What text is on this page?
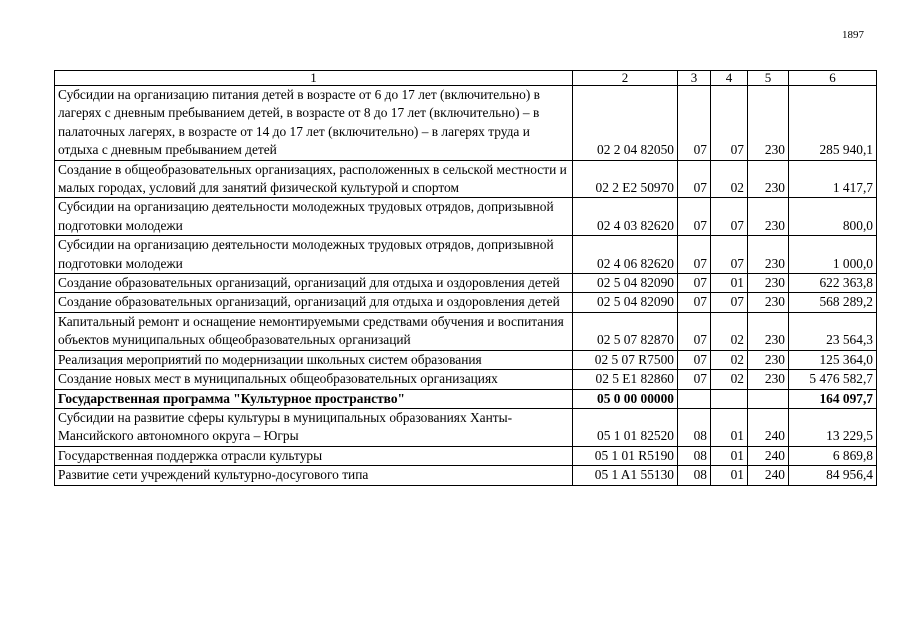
1897
1	2	3	4	5	6
Субсидии на организацию питания детей в возрасте от 6 до 17 лет (включительно) в лагерях с дневным пребыванием детей, в возрасте от 8 до 17 лет (включительно) – в палаточных лагерях, в возрасте от 14 до 17 лет (включительно) – в лагерях труда и отдыха с дневным пребыванием детей	02 2 04 82050	07	07	230	285 940,1
Создание в общеобразовательных организациях, расположенных в сельской местности и малых городах, условий для занятий физической культурой и спортом	02 2 E2 50970	07	02	230	1 417,7
Субсидии на организацию деятельности молодежных трудовых отрядов, допризывной подготовки молодежи	02 4 03 82620	07	07	230	800,0
Субсидии на организацию деятельности молодежных трудовых отрядов, допризывной подготовки молодежи	02 4 06 82620	07	07	230	1 000,0
Создание образовательных организаций, организаций для отдыха и оздоровления детей	02 5 04 82090	07	01	230	622 363,8
Создание образовательных организаций, организаций для отдыха и оздоровления детей	02 5 04 82090	07	07	230	568 289,2
Капитальный ремонт и оснащение немонтируемыми средствами обучения и воспитания объектов муниципальных общеобразовательных организаций	02 5 07 82870	07	02	230	23 564,3
Реализация мероприятий по модернизации школьных систем образования	02 5 07 R7500	07	02	230	125 364,0
Создание новых мест в муниципальных общеобразовательных организациях	02 5 E1 82860	07	02	230	5 476 582,7
Государственная программа "Культурное пространство"	05 0 00 00000				164 097,7
Субсидии на развитие сферы культуры в муниципальных образованиях Ханты-Мансийского автономного округа – Югры	05 1 01 82520	08	01	240	13 229,5
Государственная поддержка отрасли культуры	05 1 01 R5190	08	01	240	6 869,8
Развитие сети учреждений культурно-досугового типа	05 1 A1 55130	08	01	240	84 956,4
